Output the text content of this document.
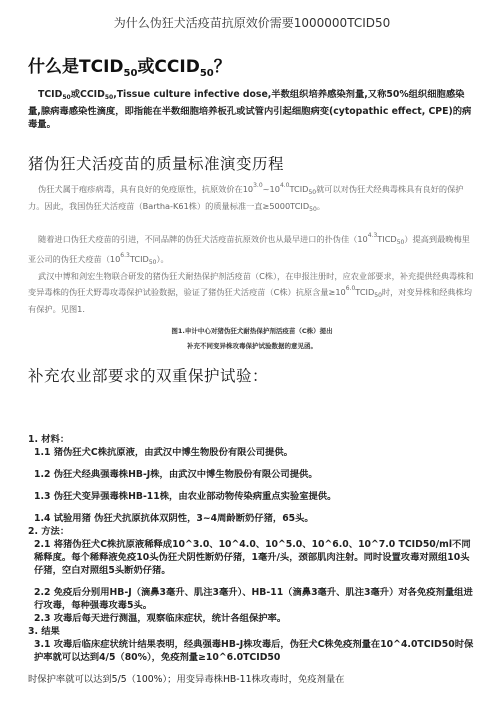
为什么伪狂犬活疫苗抗原效价需要1000000TCID50
什么是$TCID_{50}$或$CCID_{50}$？
$TCID_{50}$或$CCID_{50},Tissue$ culture infective dose,半数组织培养感染剂量,又称50%组织细胞感染量,腺病毒感染性滴度，即指能在半数细胞培养板孔或试管内引起细胞病变(cytopathic effect, CPE)的病毒量。
猪伪狂犬活疫苗的质量标准演变历程
伪狂犬属于疱疹病毒，具有良好的免疫原性，抗原效价在$10^{3.0}\sim 10^{4.0}TCID_{50}$就可以对伪狂犬经典毒株具有良好的保护力。因此，我国伪狂犬活疫苗（Bartha-K61株）的质量标准一直$\ge 5000TCID_{50}$。
随着进口伪狂犬疫苗的引进，不同品牌的伪狂犬活疫苗抗原效价也从最早进口的扑伪佳$(10^{4.3}TICD_{50})$提高到最晚梅里亚公司的伪狂犬疫苗$(10^{6.3}TCID_{50})$。
武汉中博和剑宏生物联合研发的猪伪狂犬耐热保护剂活疫苗（C株），在申报注册时，应农业部要求，补充提供经典毒株和变异毒株的伪狂犬野毒攻毒保护试验数据，验证了猪伪狂犬活疫苗（C株）抗原含量$\ge 10^{6.0}TCID_{50}$时，对变异株和经典株均有保护。见图1.
图1.申计中心对猪伪狂犬耐热保护剂活疫苗（C株）提出
补充不同变异株攻毒保护试验数据的意见函。
补充农业部要求的双重保护试验：
1. 材料：
1.1 猪伪狂犬C株抗原液，由武汉中博生物股份有限公司提供。
1.2 伪狂犬经典强毒株HB-J株，由武汉中博生物股份有限公司提供。
1.3 伪狂犬变异强毒株HB-11株，由农业部动物传染病重点实验室提供。
1.4 试验用猪 伪狂犬抗原抗体双阴性，3~4周龄断奶仔猪，65头。
2. 方法：
2.1 将猪伪狂犬C株抗原液稀释成10^3.0、10^4.0、10^5.0、10^6.0、10^7.0 TCID50/ml不同稀释度。每个稀释液免疫10头伪狂犬阴性断奶仔猪，1毫升/头，颈部肌肉注射。同时设置攻毒对照组10头仔猪，空白对照组5头断奶仔猪。
2.2 免疫后分别用HB-J（滴鼻3毫升、肌注3毫升）、HB-11（滴鼻3毫升、肌注3毫升）对各免疫剂量组进行攻毒，每种强毒攻毒5头。
2.3 攻毒后每天进行测温，观察临床症状，统计各组保护率。
3. 结果
3.1 攻毒后临床症状统计结果表明，经典强毒HB-J株攻毒后，伪狂犬C株免疫剂量在10^4.0TCID50时保护率就可以达到4/5（80%），免疫剂量≥10^6.0TCID50
时保护率就可以达到5/5（100%）；用变异毒株HB-11株攻毒时，免疫剂量在
